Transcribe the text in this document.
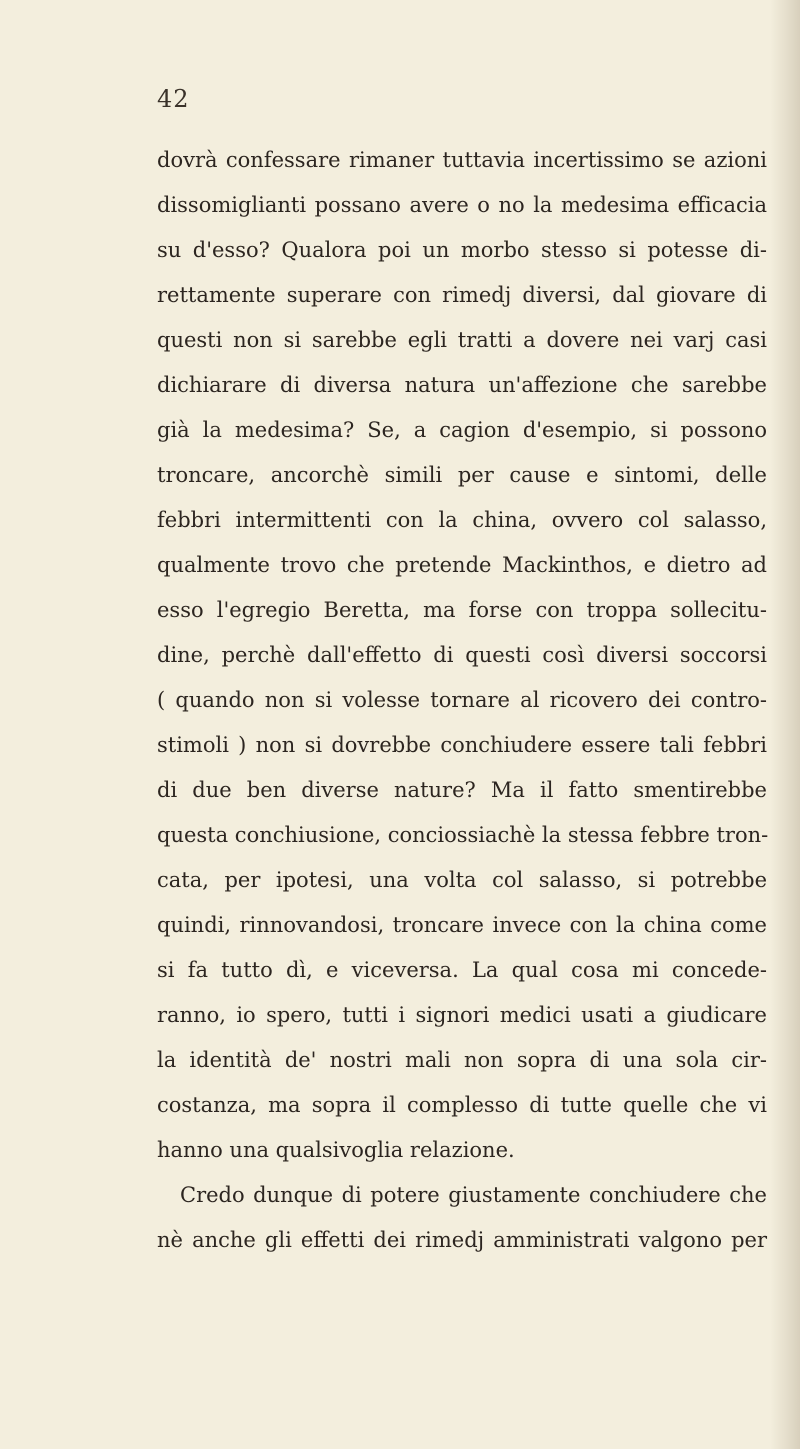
42
dovrà confessare rimaner tuttavia incertissimo se azioni
dissomiglianti possano avere o no la medesima efficacia
su d'esso? Qualora poi un morbo stesso si potesse di-
rettamente superare con rimedj diversi, dal giovare di
questi non si sarebbe egli tratti a dovere nei varj casi
dichiarare di diversa natura un'affezione che sarebbe
già la medesima? Se, a cagion d'esempio, si possono
troncare, ancorchè simili per cause e sintomi, delle
febbri intermittenti con la china, ovvero col salasso,
qualmente trovo che pretende Mackinthos, e dietro ad
esso l'egregio Beretta, ma forse con troppa sollecitu-
dine, perchè dall'effetto di questi così diversi soccorsi
( quando non si volesse tornare al ricovero dei contro-
stimoli ) non si dovrebbe conchiudere essere tali febbri
di due ben diverse nature? Ma il fatto smentirebbe
questa conchiusione, conciossiachè la stessa febbre tron-
cata, per ipotesi, una volta col salasso, si potrebbe
quindi, rinnovandosi, troncare invece con la china come
si fa tutto dì, e viceversa. La qual cosa mi concede-
ranno, io spero, tutti i signori medici usati a giudicare
la identità de' nostri mali non sopra di una sola cir-
costanza, ma sopra il complesso di tutte quelle che vi
hanno una qualsivoglia relazione.
Credo dunque di potere giustamente conchiudere che
nè anche gli effetti dei rimedj amministrati valgono per
